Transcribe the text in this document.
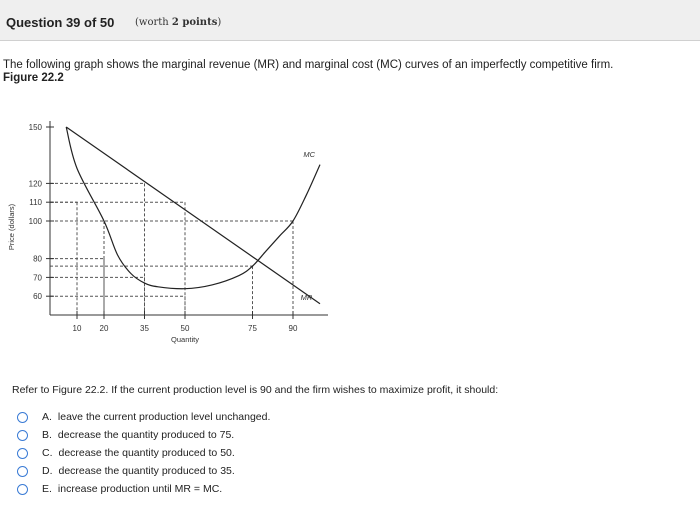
Question 39 of 50 (worth 2 points)
The following graph shows the marginal revenue (MR) and marginal cost (MC) curves of an imperfectly competitive firm.
Figure 22.2
60
70
80
100
110
120
150
10 20	35	50	75	90
Quantity
Price (dollars)
MC
MR
Refer to Figure 22.2. If the current production level is 90 and the firm wishes to maximize profit, it should:
A. leave the current production level unchanged.
B. decrease the quantity produced to 75.
C. decrease the quantity produced to 50.
D. decrease the quantity produced to 35.
E. increase production until MR = MC.
